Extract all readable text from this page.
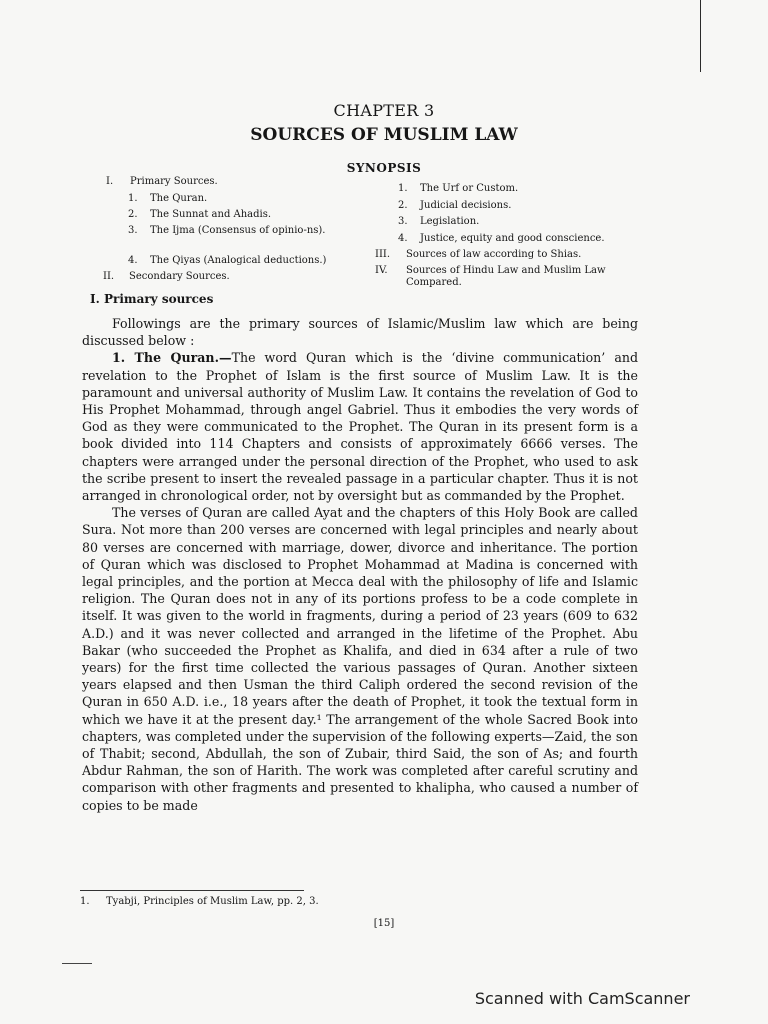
CHAPTER 3
SOURCES OF MUSLIM LAW
SYNOPSIS
I.	Primary Sources.
1.	The Quran.
2.	The Sunnat and Ahadis.
3.	The Ijma (Consensus of opinio-ns).
4.	The Qiyas (Analogical deductions.)
II.	Secondary Sources.
1.	The Urf or Custom.
2.	Judicial decisions.
3.	Legislation.
4.	Justice, equity and good conscience.
III.	Sources of law according to Shias.
IV.	Sources of Hindu Law and Muslim Law Compared.
I. Primary sources

Followings are the primary sources of Islamic/Muslim law which are being discussed below :

1. The Quran.—The word Quran which is the ‘divine communication’ and revelation to the Prophet of Islam is the first source of Muslim Law. It is the paramount and universal authority of Muslim Law. It contains the revelation of God to His Prophet Mohammad, through angel Gabriel. Thus it embodies the very words of God as they were communicated to the Prophet. The Quran in its present form is a book divided into 114 Chapters and consists of approximately 6666 verses. The chapters were arranged under the personal direction of the Prophet, who used to ask the scribe present to insert the revealed passage in a particular chapter. Thus it is not arranged in chronological order, not by oversight but as commanded by the Prophet.

The verses of Quran are called Ayat and the chapters of this Holy Book are called Sura. Not more than 200 verses are concerned with legal principles and nearly about 80 verses are concerned with marriage, dower, divorce and inheritance. The portion of Quran which was disclosed to Prophet Mohammad at Madina is concerned with legal principles, and the portion at Mecca deal with the philosophy of life and Islamic religion. The Quran does not in any of its portions profess to be a code complete in itself. It was given to the world in fragments, during a period of 23 years (609 to 632 A.D.) and it was never collected and arranged in the lifetime of the Prophet. Abu Bakar (who succeeded the Prophet as Khalifa, and died in 634 after a rule of two years) for the first time collected the various passages of Quran. Another sixteen years elapsed and then Usman the third Caliph ordered the second revision of the Quran in 650 A.D. i.e., 18 years after the death of Prophet, it took the textual form in which we have it at the present day.¹ The arrangement of the whole Sacred Book into chapters, was completed under the supervision of the following experts—Zaid, the son of Thabit; second, Abdullah, the son of Zubair, third Said, the son of As; and fourth Abdur Rahman, the son of Harith. The work was completed after careful scrutiny and comparison with other fragments and presented to khalipha, who caused a number of copies to be made

1. Tyabji, Principles of Muslim Law, pp. 2, 3.
[15]
Scanned with CamScanner
